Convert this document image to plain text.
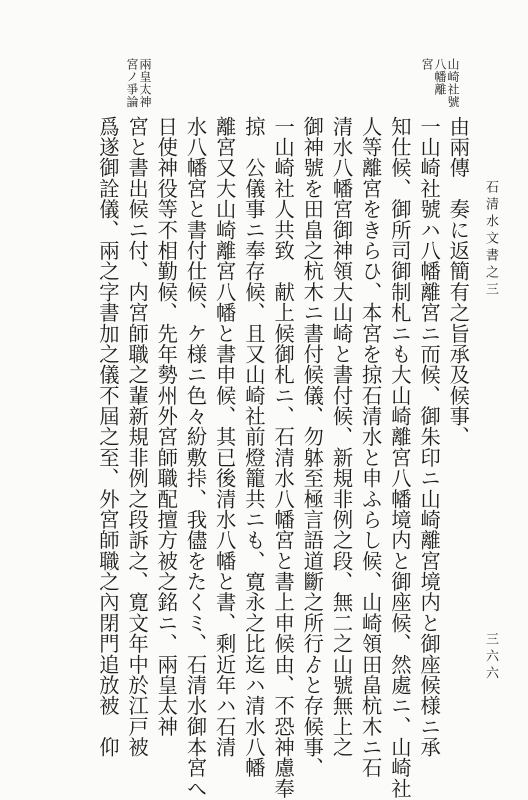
石清水文書之三
三六六
山崎社號
八幡離
宮
兩皇太神
宮ノ爭論
由兩傳　奏に返簡有之旨承及候事、
一山崎社號ハ八幡離宮ニ而候、御朱印ニ山崎離宮境内と御座候様ニ承
知仕候、御所司御制札ニも大山崎離宮八幡境内と御座候、然處ニ、山崎社
人等離宮をきらひ、本宮を掠石清水と申ふらし候、山崎領田畠杭木ニ石
清水八幡宮御神領大山崎と書付候、新規非例之段、無二之山號無上之
御神號を田畠之杭木ニ書付候儀、勿躰至極言語道斷之所行ゟと存候事、
一山崎社人共致　献上候御札ニ、石清水八幡宮と書上申候由、不恐神慮奉
掠　公儀事ニ奉存候、且又山崎社前燈籠共ニも、寛永之比迄ハ清水八幡
離宮又大山崎離宮八幡と書申候、其已後清水八幡と書、剩近年ハ石清
水八幡宮と書付仕候、ケ様ニ色々紛敷挊、我儘をたくミ、石清水御本宮へ
日使神役等不相勤候、先年勢州外宮師職配擅方被之銘ニ、兩皇太神
宮と書出候ニ付、内宮師職之輩新規非例之段訴之、寛文年中於江戸被
爲遂御詮儀、兩之字書加之儀不屆之至、外宮師職之內閉門追放被　仰
